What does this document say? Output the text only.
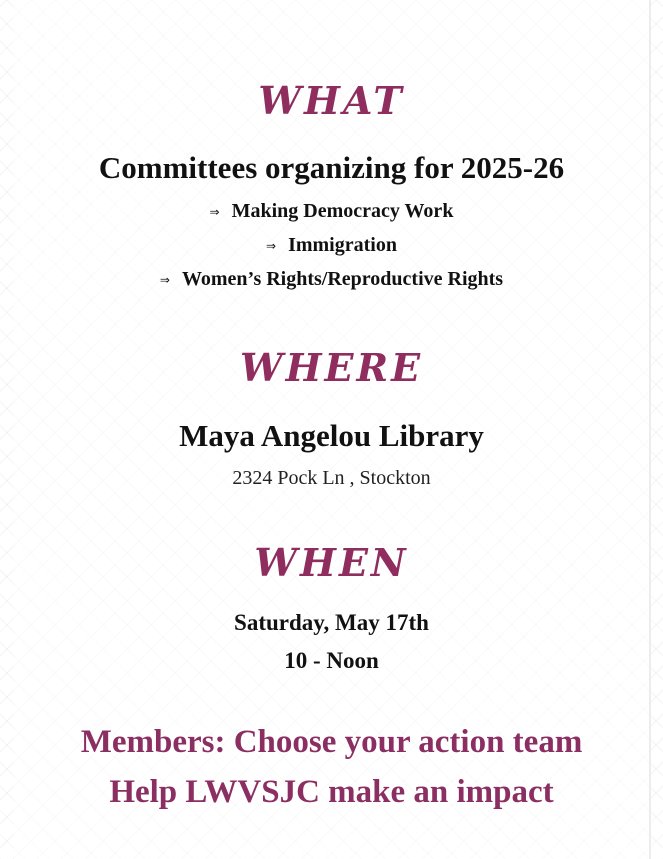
WHAT
Committees organizing for 2025-26
⇒ Making Democracy Work
⇒ Immigration
⇒ Women’s Rights/Reproductive Rights
WHERE
Maya Angelou Library
2324 Pock Ln , Stockton
WHEN
Saturday, May 17th
10 - Noon
Members: Choose your action team
Help LWVSJC make an impact
